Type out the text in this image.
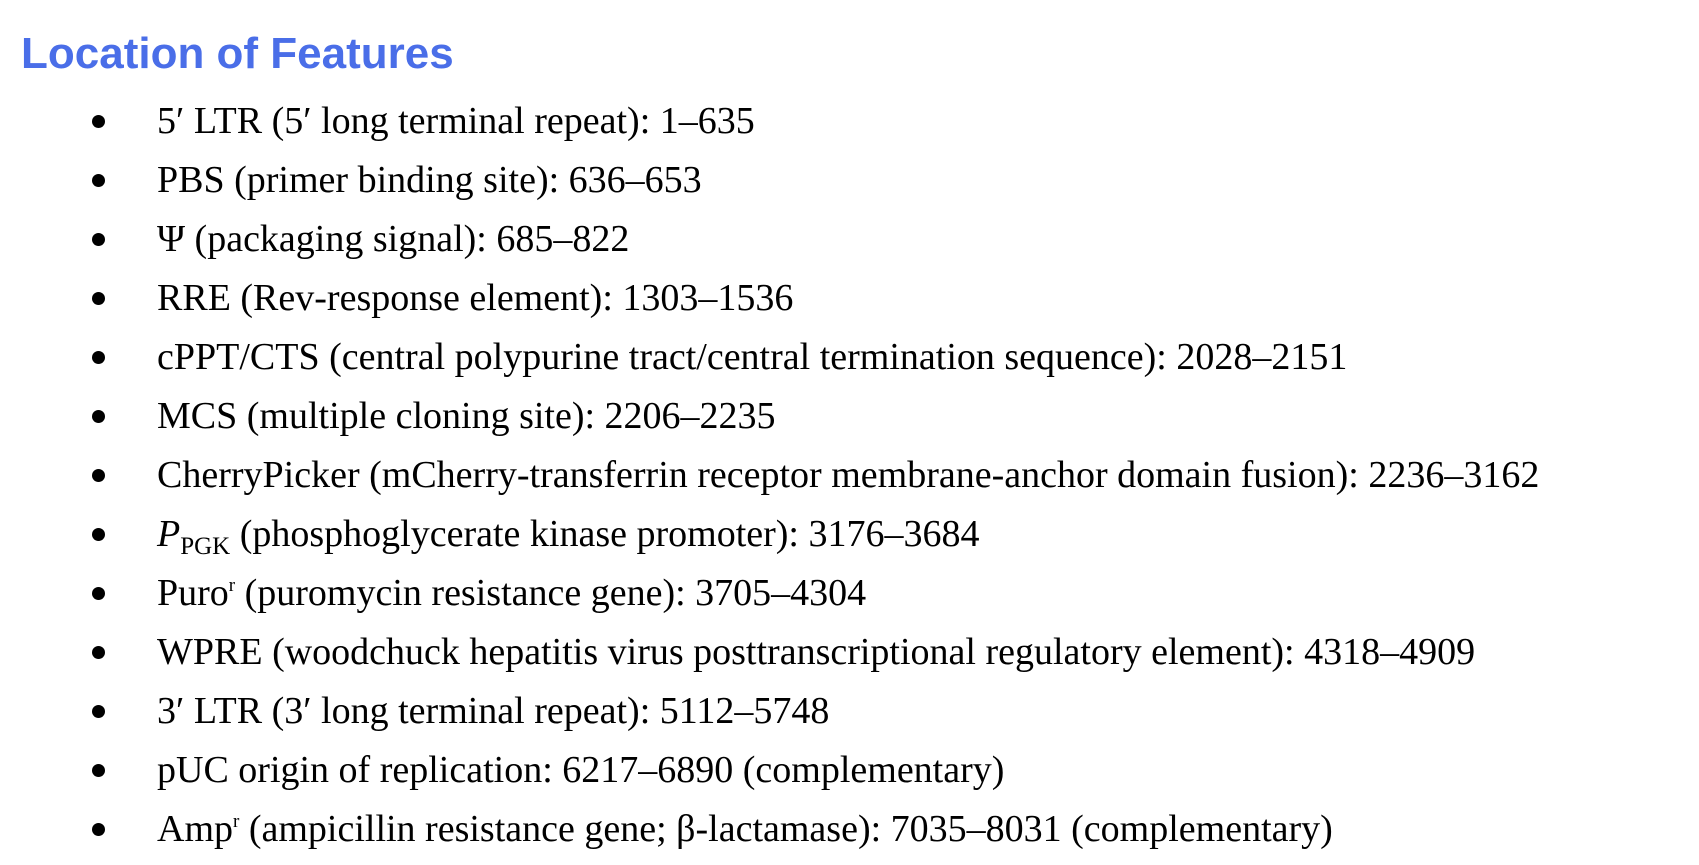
Location of Features
5′ LTR (5′ long terminal repeat): 1–635
PBS (primer binding site): 636–653
Ψ (packaging signal): 685–822
RRE (Rev-response element): 1303–1536
cPPT/CTS (central polypurine tract/central termination sequence): 2028–2151
MCS (multiple cloning site): 2206–2235
CherryPicker (mCherry-transferrin receptor membrane-anchor domain fusion): 2236–3162
$P_{PGK}$ (phosphoglycerate kinase promoter): 3176–3684
Puro$^r$ (puromycin resistance gene): 3705–4304
WPRE (woodchuck hepatitis virus posttranscriptional regulatory element): 4318–4909
3′ LTR (3′ long terminal repeat): 5112–5748
pUC origin of replication: 6217–6890 (complementary)
Amp$^r$ (ampicillin resistance gene; β-lactamase): 7035–8031 (complementary)
